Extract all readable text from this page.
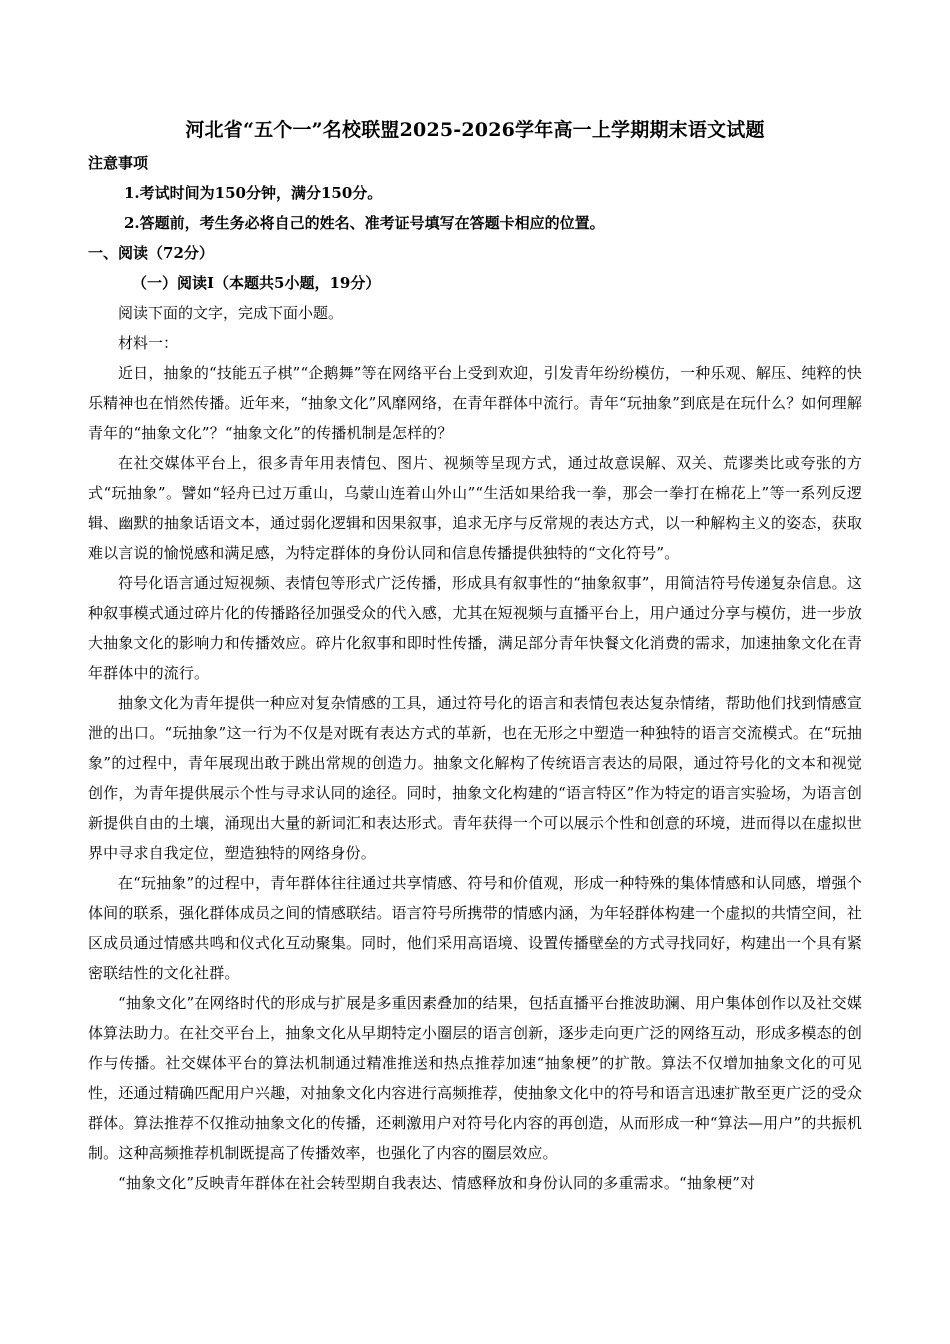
河北省“五个一”名校联盟2025-2026学年高一上学期期末语文试题

注意事项

1.考试时间为150分钟，满分150分。

2.答题前，考生务必将自己的姓名、准考证号填写在答题卡相应的位置。

一、阅读（72分）

（一）阅读I（本题共5小题，19分）

阅读下面的文字，完成下面小题。

材料一：

近日，抽象的“技能五子棋”“企鹅舞”等在网络平台上受到欢迎，引发青年纷纷模仿，一种乐观、解压、纯粹的快乐精神也在悄然传播。近年来，“抽象文化”风靡网络，在青年群体中流行。青年“玩抽象”到底是在玩什么？如何理解青年的“抽象文化”？“抽象文化”的传播机制是怎样的？

在社交媒体平台上，很多青年用表情包、图片、视频等呈现方式，通过故意误解、双关、荒谬类比或夸张的方式“玩抽象”。譬如“轻舟已过万重山，乌蒙山连着山外山”“生活如果给我一拳，那会一拳打在棉花上”等一系列反逻辑、幽默的抽象话语文本，通过弱化逻辑和因果叙事，追求无序与反常规的表达方式，以一种解构主义的姿态，获取难以言说的愉悦感和满足感，为特定群体的身份认同和信息传播提供独特的“文化符号”。

符号化语言通过短视频、表情包等形式广泛传播，形成具有叙事性的“抽象叙事”，用简洁符号传递复杂信息。这种叙事模式通过碎片化的传播路径加强受众的代入感，尤其在短视频与直播平台上，用户通过分享与模仿，进一步放大抽象文化的影响力和传播效应。碎片化叙事和即时性传播，满足部分青年快餐文化消费的需求，加速抽象文化在青年群体中的流行。

抽象文化为青年提供一种应对复杂情感的工具，通过符号化的语言和表情包表达复杂情绪，帮助他们找到情感宣泄的出口。“玩抽象”这一行为不仅是对既有表达方式的革新，也在无形之中塑造一种独特的语言交流模式。在“玩抽象”的过程中，青年展现出敢于跳出常规的创造力。抽象文化解构了传统语言表达的局限，通过符号化的文本和视觉创作，为青年提供展示个性与寻求认同的途径。同时，抽象文化构建的“语言特区”作为特定的语言实验场，为语言创新提供自由的土壤，涌现出大量的新词汇和表达形式。青年获得一个可以展示个性和创意的环境，进而得以在虚拟世界中寻求自我定位，塑造独特的网络身份。

在“玩抽象”的过程中，青年群体往往通过共享情感、符号和价值观，形成一种特殊的集体情感和认同感，增强个体间的联系，强化群体成员之间的情感联结。语言符号所携带的情感内涵，为年轻群体构建一个虚拟的共情空间，社区成员通过情感共鸣和仪式化互动聚集。同时，他们采用高语境、设置传播壁垒的方式寻找同好，构建出一个具有紧密联结性的文化社群。

“抽象文化”在网络时代的形成与扩展是多重因素叠加的结果，包括直播平台推波助澜、用户集体创作以及社交媒体算法助力。在社交平台上，抽象文化从早期特定小圈层的语言创新，逐步走向更广泛的网络互动，形成多模态的创作与传播。社交媒体平台的算法机制通过精准推送和热点推荐加速“抽象梗”的扩散。算法不仅增加抽象文化的可见性，还通过精确匹配用户兴趣，对抽象文化内容进行高频推荐，使抽象文化中的符号和语言迅速扩散至更广泛的受众群体。算法推荐不仅推动抽象文化的传播，还刺激用户对符号化内容的再创造，从而形成一种“算法—用户”的共振机制。这种高频推荐机制既提高了传播效率，也强化了内容的圈层效应。

“抽象文化”反映青年群体在社会转型期自我表达、情感释放和身份认同的多重需求。“抽象梗”对
